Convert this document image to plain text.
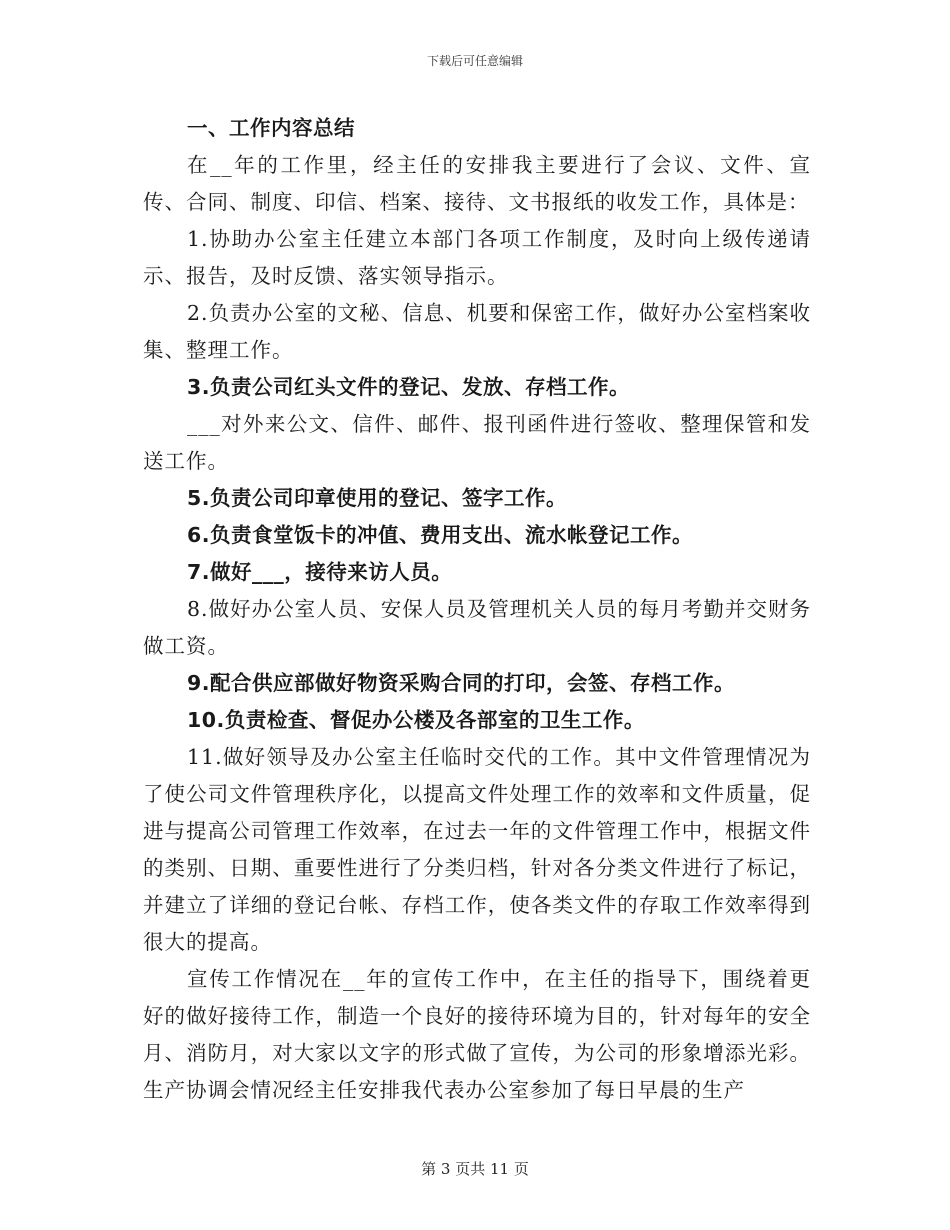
下载后可任意编辑

一、工作内容总结

在__年的工作里，经主任的安排我主要进行了会议、文件、宣传、合同、制度、印信、档案、接待、文书报纸的收发工作，具体是：

1.协助办公室主任建立本部门各项工作制度，及时向上级传递请示、报告，及时反馈、落实领导指示。

2.负责办公室的文秘、信息、机要和保密工作，做好办公室档案收集、整理工作。

3.负责公司红头文件的登记、发放、存档工作。

___对外来公文、信件、邮件、报刊函件进行签收、整理保管和发送工作。

5.负责公司印章使用的登记、签字工作。

6.负责食堂饭卡的冲值、费用支出、流水帐登记工作。

7.做好___，接待来访人员。

8.做好办公室人员、安保人员及管理机关人员的每月考勤并交财务做工资。

9.配合供应部做好物资采购合同的打印，会签、存档工作。

10.负责检查、督促办公楼及各部室的卫生工作。

11.做好领导及办公室主任临时交代的工作。其中文件管理情况为了使公司文件管理秩序化，以提高文件处理工作的效率和文件质量，促进与提高公司管理工作效率，在过去一年的文件管理工作中，根据文件的类别、日期、重要性进行了分类归档，针对各分类文件进行了标记，并建立了详细的登记台帐、存档工作，使各类文件的存取工作效率得到很大的提高。

宣传工作情况在__年的宣传工作中，在主任的指导下，围绕着更好的做好接待工作，制造一个良好的接待环境为目的，针对每年的安全月、消防月，对大家以文字的形式做了宣传，为公司的形象增添光彩。生产协调会情况经主任安排我代表办公室参加了每日早晨的生产

第 3 页共 11 页
